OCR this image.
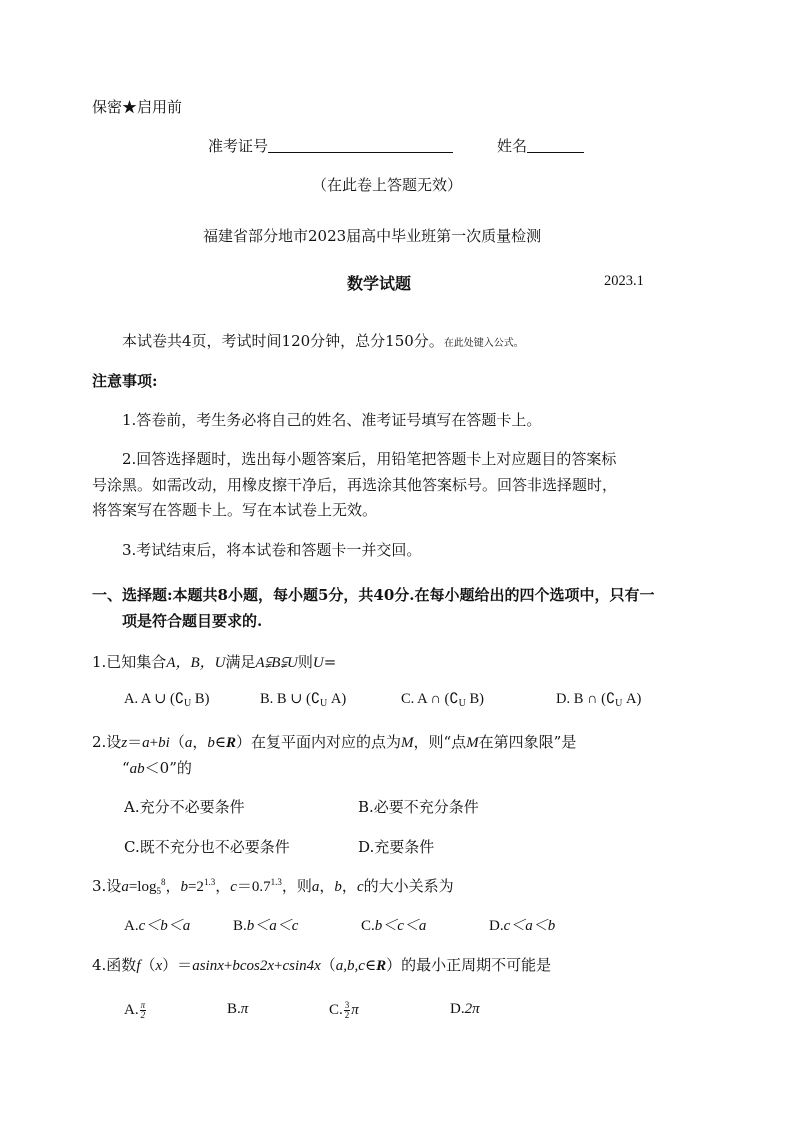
保密★启用前
准考证号	姓名
（在此卷上答题无效）
福建省部分地市2023届高中毕业班第一次质量检测
数学试题	2023.1
本试卷共4页，考试时间120分钟，总分150分。在此处键入公式。
注意事项:
1.答卷前，考生务必将自己的姓名、准考证号填写在答题卡上。
2.回答选择题时，选出每小题答案后，用铅笔把答题卡上对应题目的答案标
号涂黑。如需改动，用橡皮擦干净后，再选涂其他答案标号。回答非选择题时，
将答案写在答题卡上。写在本试卷上无效。
3.考试结束后，将本试卷和答题卡一并交回。
一、选择题:本题共8小题，每小题5分，共40分.在每小题给出的四个选项中，只有一
项是符合题目要求的.
1.已知集合A，B，U满足A⫋B⫋U则U=
A. A ∪ ($∁_U$ B)	B. B ∪ ($∁_U$ A)	C. A ∩ ($∁_U$ B)	D. B ∩ ($∁_U$ A)
2.设z＝a+bi（a，b∈R）在复平面内对应的点为M，则“点M在第四象限”是
“ab＜0”的
A.充分不必要条件	B.必要不充分条件
C.既不充分也不必要条件	D.充要条件
3.设$a=\log_5^8$，$b=2^{1.3}$，$c=0.7^{1.3}$，则a，b，c的大小关系为
A.c＜b＜a	B.b＜a＜c	C.b＜c＜a	D.c＜a＜b
4.函数f（x）＝asinx+bcos2x+csin4x（a,b,c∈R）的最小正周期不可能是
A. $\frac{\pi}{2}$	B.π	C. $\frac{3}{2}$ π	D.2π
